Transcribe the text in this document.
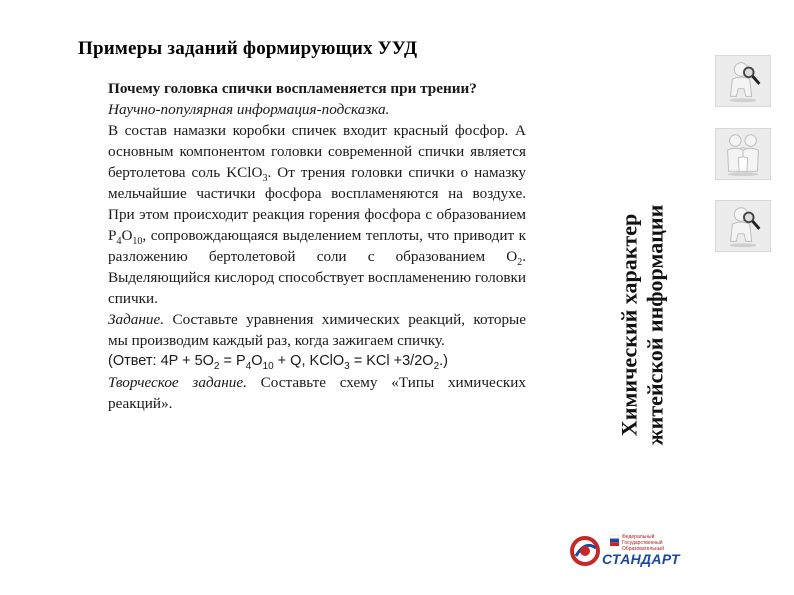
Примеры заданий формирующих УУД

Почему головка спички воспламеняется при трении?

Научно-популярная информация-подсказка.

В состав намазки коробки спичек входит красный фосфор. А основным компонентом головки современной спички является бертолетова соль KClO$_3$. От трения головки спички о намазку мельчайшие частички фосфора воспламеняются на воздухе. При этом происходит реакция горения фосфора с образованием $P_4O_{10}$, сопровождающаяся выделением теплоты, что приводит к разложению бертолетовой соли с образованием $O_2$. Выделяющийся кислород способствует воспламенению головки спички.

Задание. Составьте уравнения химических реакций, которые мы производим каждый раз, когда зажигаем спичку.

(Ответ: $4P + 5O_2 = P_4O_{10} + Q$, KClO$_3$ = KCl $+3/2O_2$.)

Творческое задание. Составьте схему «Типы химических реакций».	Химический характер житейской информации
Федеральный
Государственный
Образовательный
СТАНДАРТ
